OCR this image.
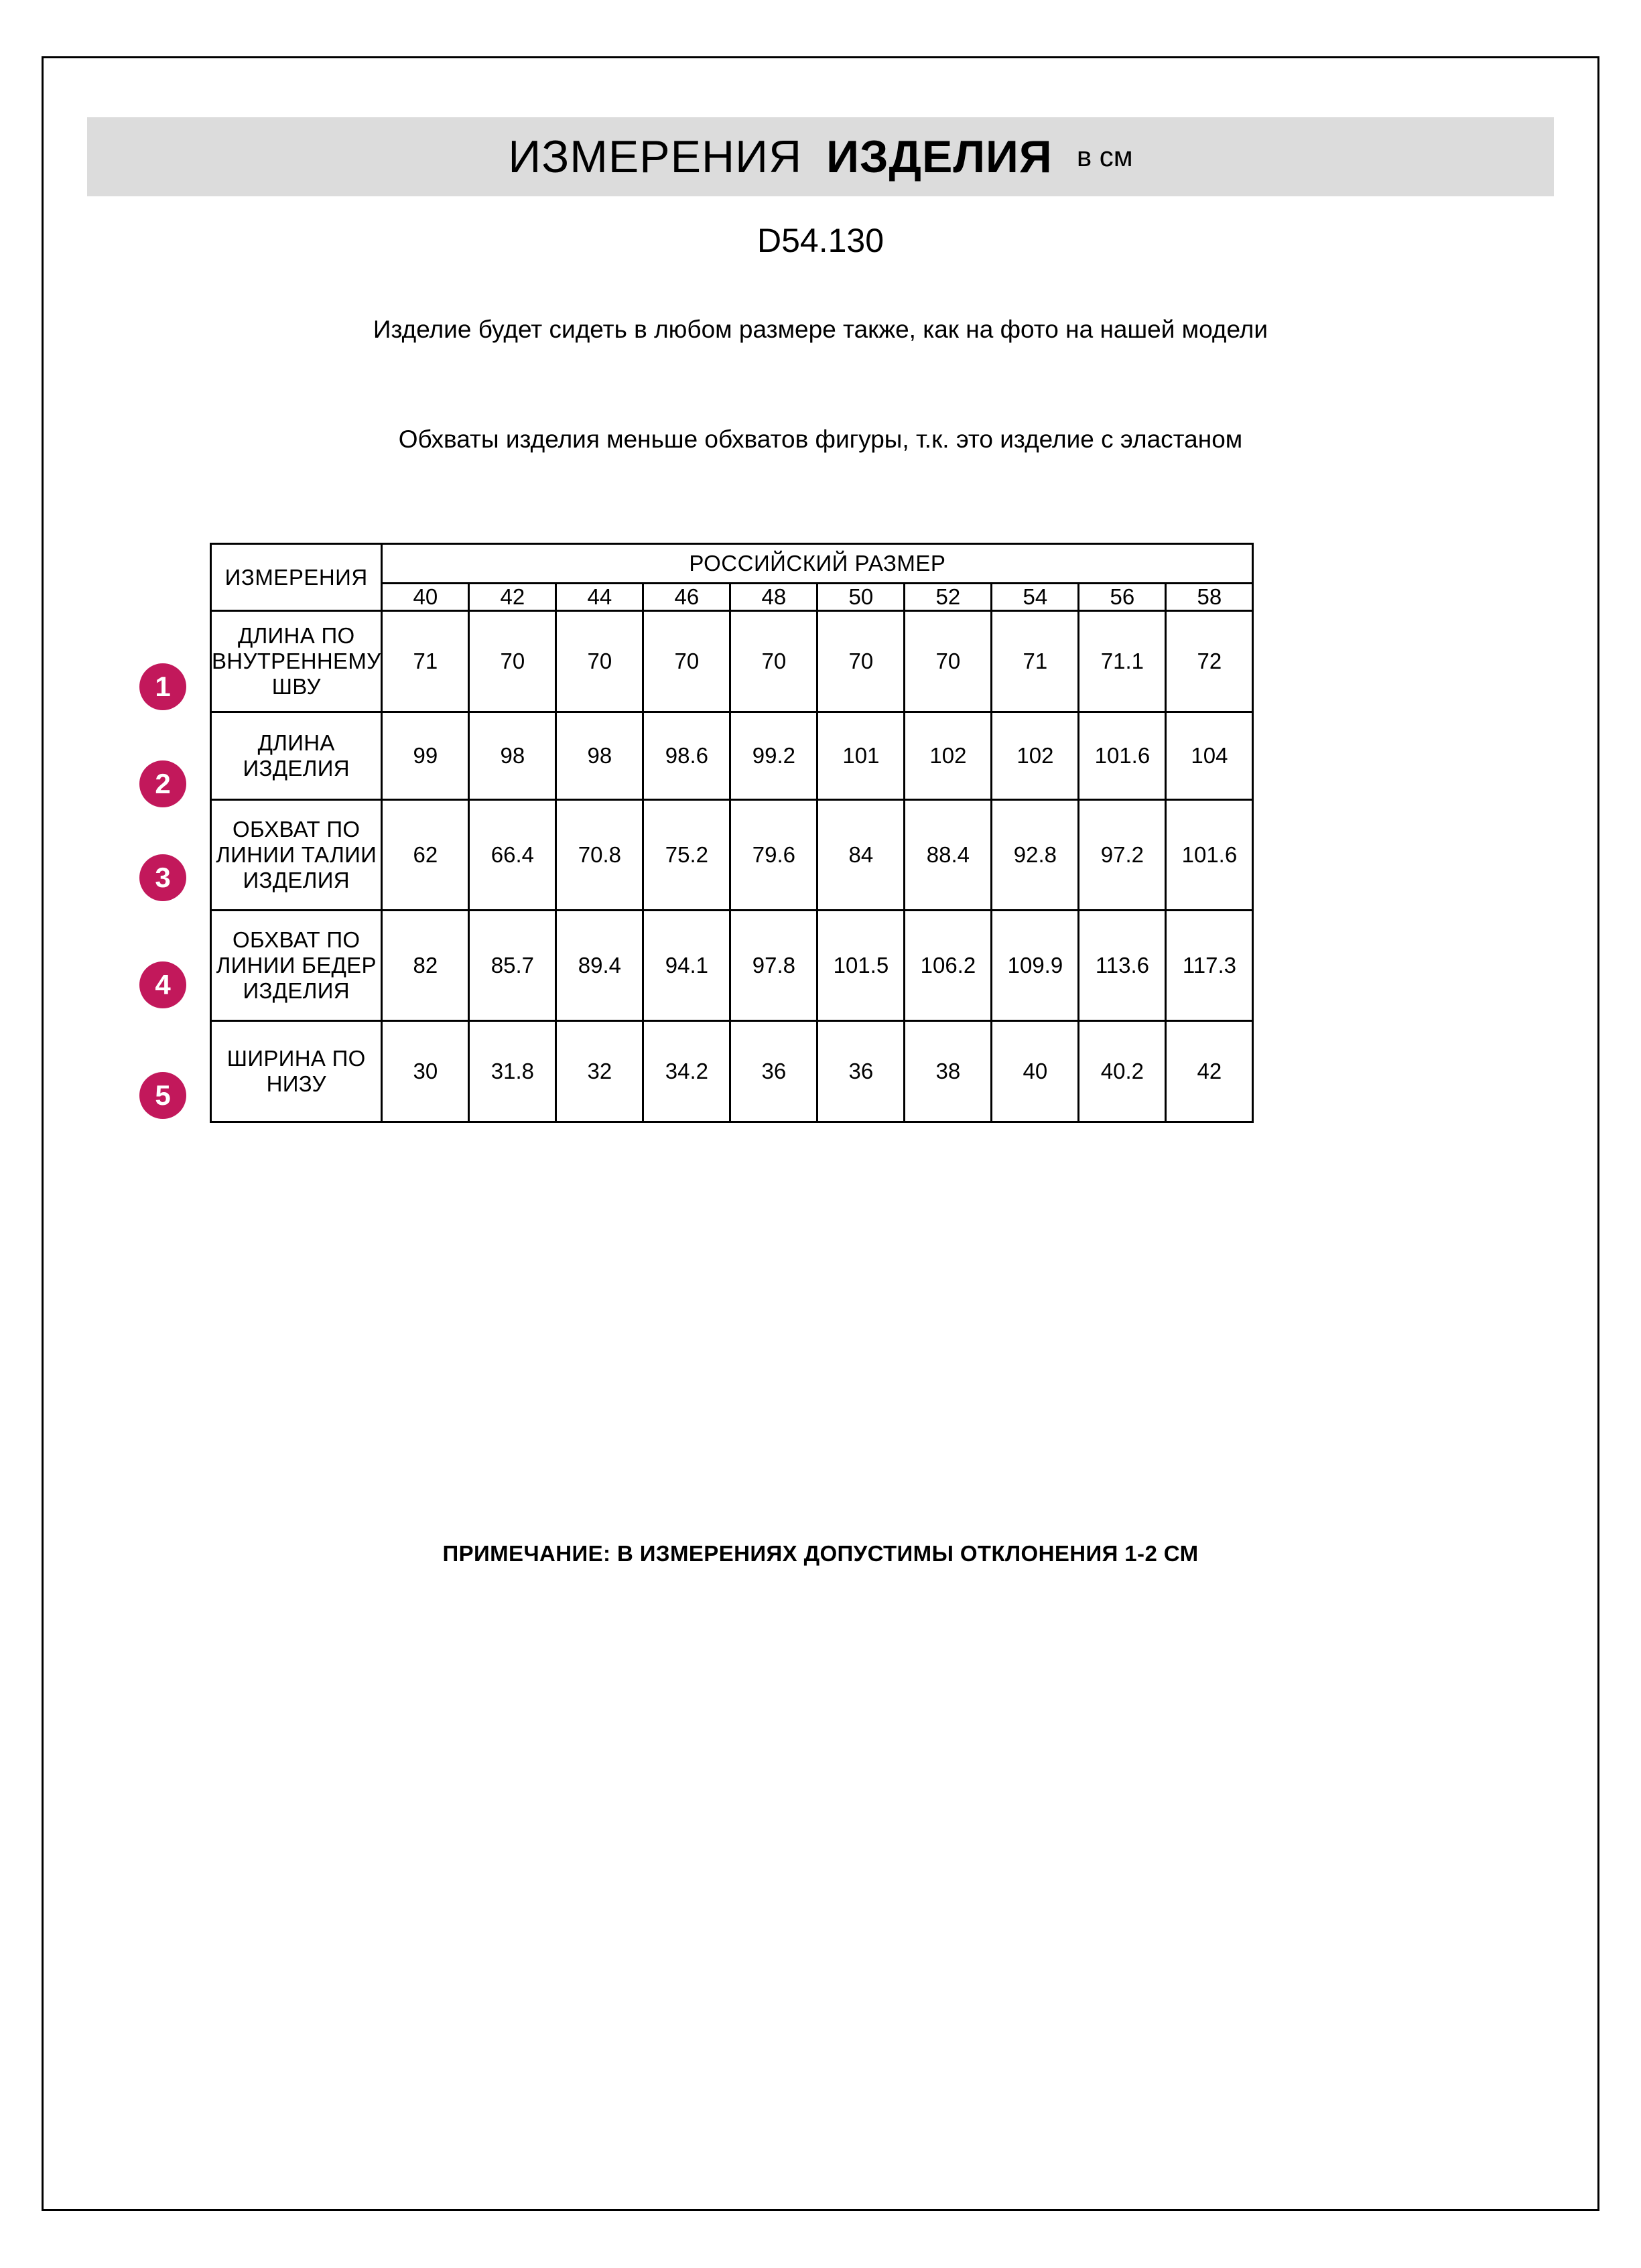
ИЗМЕРЕНИЯ ИЗДЕЛИЯ в см
D54.130
Изделие будет сидеть в любом размере также, как на фото на нашей модели
Обхваты изделия меньше обхватов фигуры, т.к. это изделие с эластаном
1
2
3
4
5
ИЗМЕРЕНИЯ	РОССИЙСКИЙ РАЗМЕР									
	40	42	44	46	48	50	52	54	56	58
ДЛИНА ПО ВНУТРЕННЕМУ ШВУ	71	70	70	70	70	70	70	71	71.1	72
ДЛИНА ИЗДЕЛИЯ	99	98	98	98.6	99.2	101	102	102	101.6	104
ОБХВАТ ПО ЛИНИИ ТАЛИИ ИЗДЕЛИЯ	62	66.4	70.8	75.2	79.6	84	88.4	92.8	97.2	101.6
ОБХВАТ ПО ЛИНИИ БЕДЕР ИЗДЕЛИЯ	82	85.7	89.4	94.1	97.8	101.5	106.2	109.9	113.6	117.3
ШИРИНА ПО НИЗУ	30	31.8	32	34.2	36	36	38	40	40.2	42
ПРИМЕЧАНИЕ: В ИЗМЕРЕНИЯХ ДОПУСТИМЫ ОТКЛОНЕНИЯ 1-2 СМ
